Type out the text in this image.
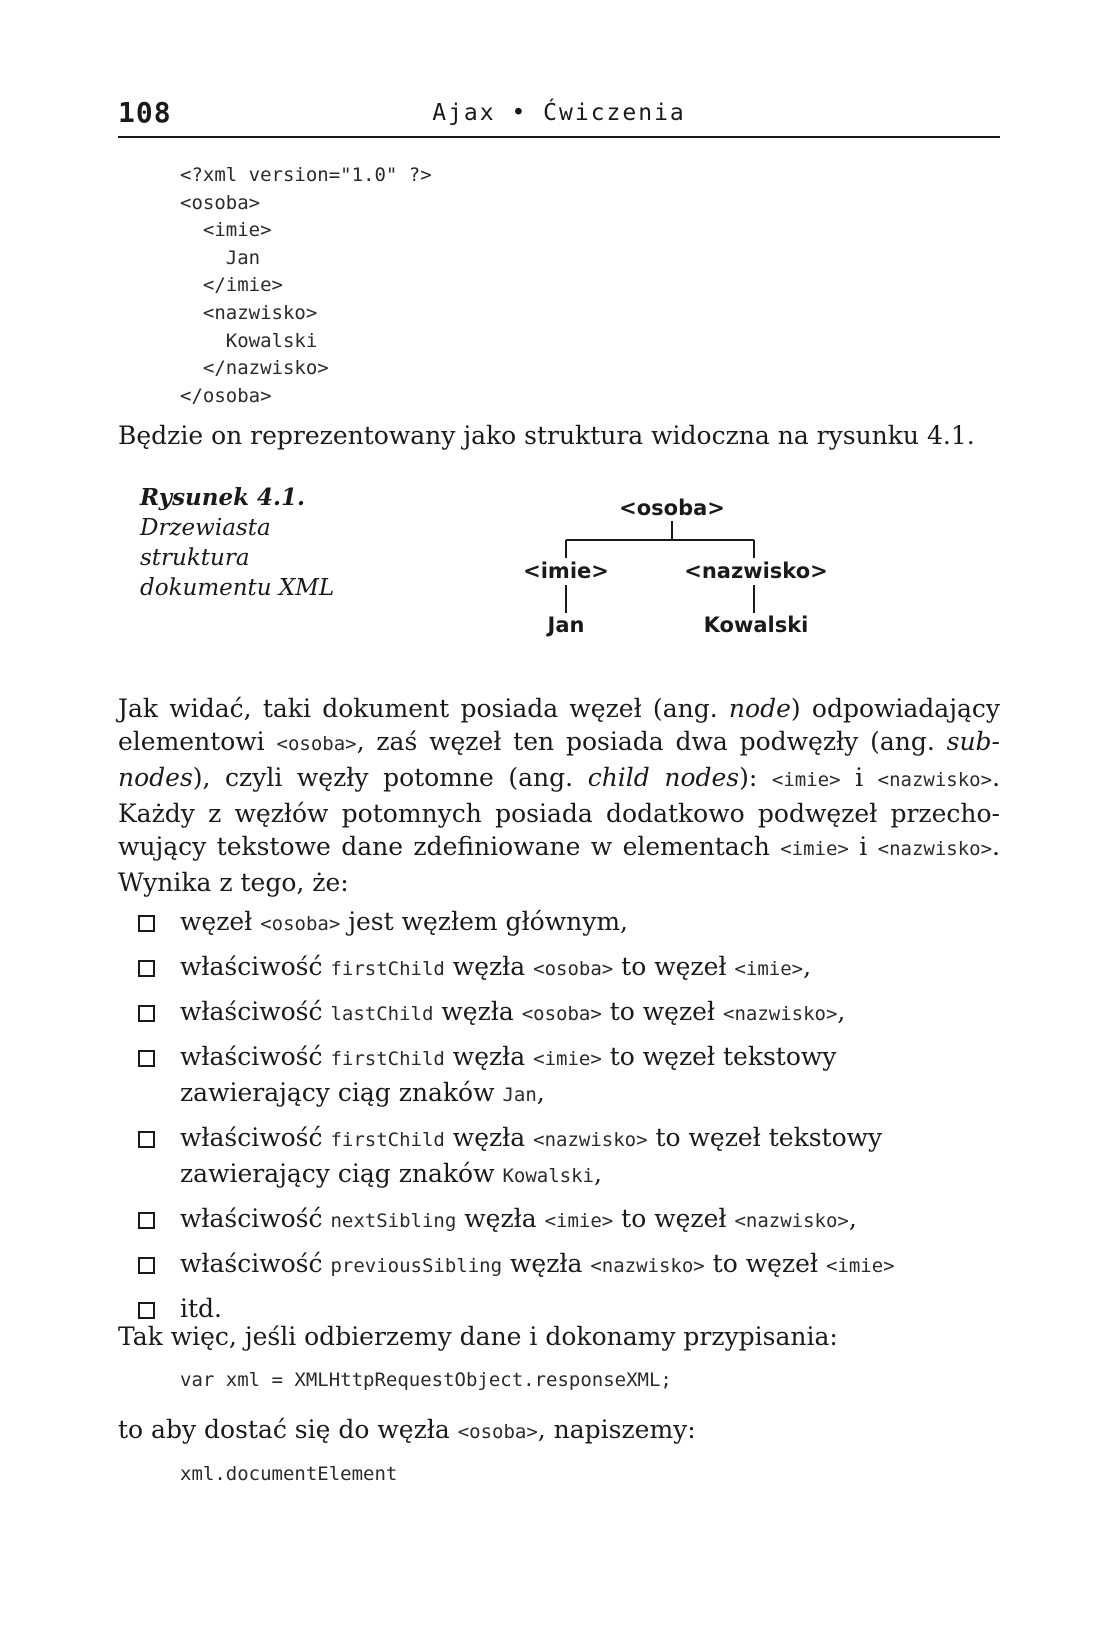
108	Ajax • Ćwiczenia
<?xml version="1.0" ?>
<osoba>
<imie>
Jan
</imie>
<nazwisko>
Kowalski
</nazwisko>
</osoba>
Będzie on reprezentowany jako struktura widoczna na rysunku 4.1.
Rysunek 4.1.
Drzewiasta
struktura
dokumentu XML
<osoba>
<imie>	<nazwisko>
Jan	Kowalski
Jak widać, taki dokument posiada węzeł (ang. node) odpowiadający
elementowi <osoba>, zaś węzeł ten posiada dwa podwęzły (ang. sub-
nodes), czyli węzły potomne (ang. child nodes): <imie> i <nazwisko>.
Każdy z węzłów potomnych posiada dodatkowo podwęzeł przecho-
wujący tekstowe dane zdefiniowane w elementach <imie> i <nazwisko>.
Wynika z tego, że:
węzeł <osoba> jest węzłem głównym,
właściwość firstChild węzła <osoba> to węzeł <imie>,
właściwość lastChild węzła <osoba> to węzeł <nazwisko>,
właściwość firstChild węzła <imie> to węzeł tekstowy
zawierający ciąg znaków Jan,
właściwość firstChild węzła <nazwisko> to węzeł tekstowy
zawierający ciąg znaków Kowalski,
właściwość nextSibling węzła <imie> to węzeł <nazwisko>,
właściwość previousSibling węzła <nazwisko> to węzeł <imie>
itd.
Tak więc, jeśli odbierzemy dane i dokonamy przypisania:
var xml = XMLHttpRequestObject.responseXML;
to aby dostać się do węzła <osoba>, napiszemy:
xml.documentElement
